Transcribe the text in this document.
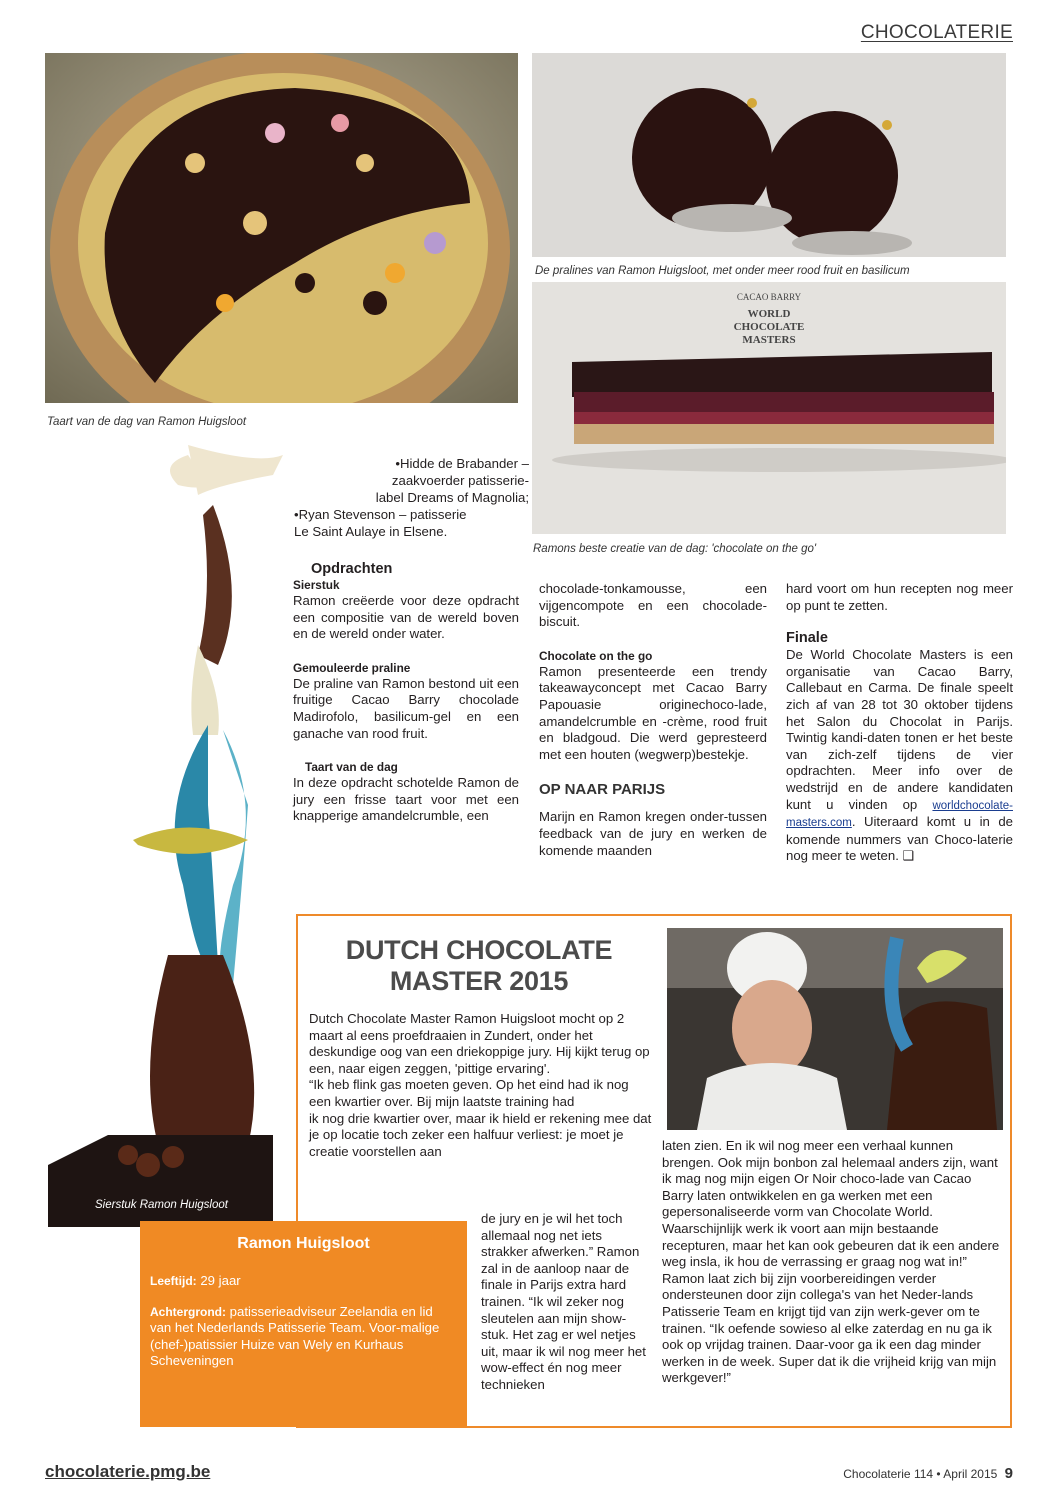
CHOCOLATERIE
Taart van de dag van Ramon Huigsloot
De pralines van Ramon Huigsloot, met onder meer rood fruit en basilicum
CACAO BARRY
WORLD
CHOCOLATE
MASTERS
Ramons beste creatie van de dag: 'chocolate on the go'
Sierstuk Ramon Huigsloot
•Hidde de Brabander –
zaakvoerder patisserie-
label Dreams of Magnolia;
•Ryan Stevenson – patisserie
Le Saint Aulaye in Elsene.
Opdrachten
Sierstuk

Ramon creëerde voor deze opdracht een compositie van de wereld boven en de wereld onder water.

Gemouleerde praline

De praline van Ramon bestond uit een fruitige Cacao Barry chocolade Madirofolo, basilicum-gel en een ganache van rood fruit.

Taart van de dag

In deze opdracht schotelde Ramon de jury een frisse taart voor met een knapperige amandelcrumble, een

chocolade-tonkamousse, een vijgencompote en een chocolade-biscuit.

Chocolate on the go

Ramon presenteerde een trendy takeawayconcept met Cacao Barry Papouasie originechoco-lade, amandelcrumble en -crème, rood fruit en bladgoud. Die werd gepresteerd met een houten (wegwerp)bestekje.

OP NAAR PARIJS

Marijn en Ramon kregen onder-tussen feedback van de jury en werken de komende maanden

hard voort om hun recepten nog meer op punt te zetten.

Finale

De World Chocolate Masters is een organisatie van Cacao Barry, Callebaut en Carma. De finale speelt zich af van 28 tot 30 oktober tijdens het Salon du Chocolat in Parijs. Twintig kandi-daten tonen er het beste van zich-zelf tijdens de vier opdrachten. Meer info over de wedstrijd en de andere kandidaten kunt u vinden op worldchocolate- masters.com. Uiteraard komt u in de komende nummers van Choco-laterie nog meer te weten. ❑

DUTCH CHOCOLATE
MASTER 2015

Dutch Chocolate Master Ramon Huigsloot mocht op 2 maart al eens proefdraaien in Zundert, onder het deskundige oog van een driekoppige jury. Hij kijkt terug op een, naar eigen zeggen, 'pittige ervaring'.

“Ik heb flink gas moeten geven. Op het eind had ik nog een kwartier over. Bij mijn laatste training had

ik nog drie kwartier over, maar ik hield er rekening mee dat je op locatie toch zeker een halfuur verliest: je moet je creatie voorstellen aan

de jury en je wil het toch allemaal nog net iets strakker afwerken.” Ramon zal in de aanloop naar de finale in Parijs extra hard trainen. “Ik wil zeker nog sleutelen aan mijn show-stuk. Het zag er wel netjes uit, maar ik wil nog meer het wow-effect én nog meer technieken

laten zien. En ik wil nog meer een verhaal kunnen brengen. Ook mijn bonbon zal helemaal anders zijn, want ik mag nog mijn eigen Or Noir choco-lade van Cacao Barry laten ontwikkelen en ga werken met een gepersonaliseerde vorm van Chocolate World. Waarschijnlijk werk ik voort aan mijn bestaande recepturen, maar het kan ook gebeuren dat ik een andere weg insla, ik hou de verrassing er graag nog wat in!” Ramon laat zich bij zijn voorbereidingen verder ondersteunen door zijn collega's van het Neder-lands Patisserie Team en krijgt tijd van zijn werk-gever om te trainen. “Ik oefende sowieso al elke zaterdag en nu ga ik ook op vrijdag trainen. Daar-voor ga ik een dag minder werken in de week. Super dat ik die vrijheid krijg van mijn werkgever!”

Ramon Huigsloot

Leeftijd: 29 jaar

Achtergrond: patisserieadviseur Zeelandia en lid van het Nederlands Patisserie Team. Voor-malige (chef-)patissier Huize van Wely en Kurhaus Scheveningen

chocolaterie.pmg.be	Chocolaterie 114 • April 2015 9
